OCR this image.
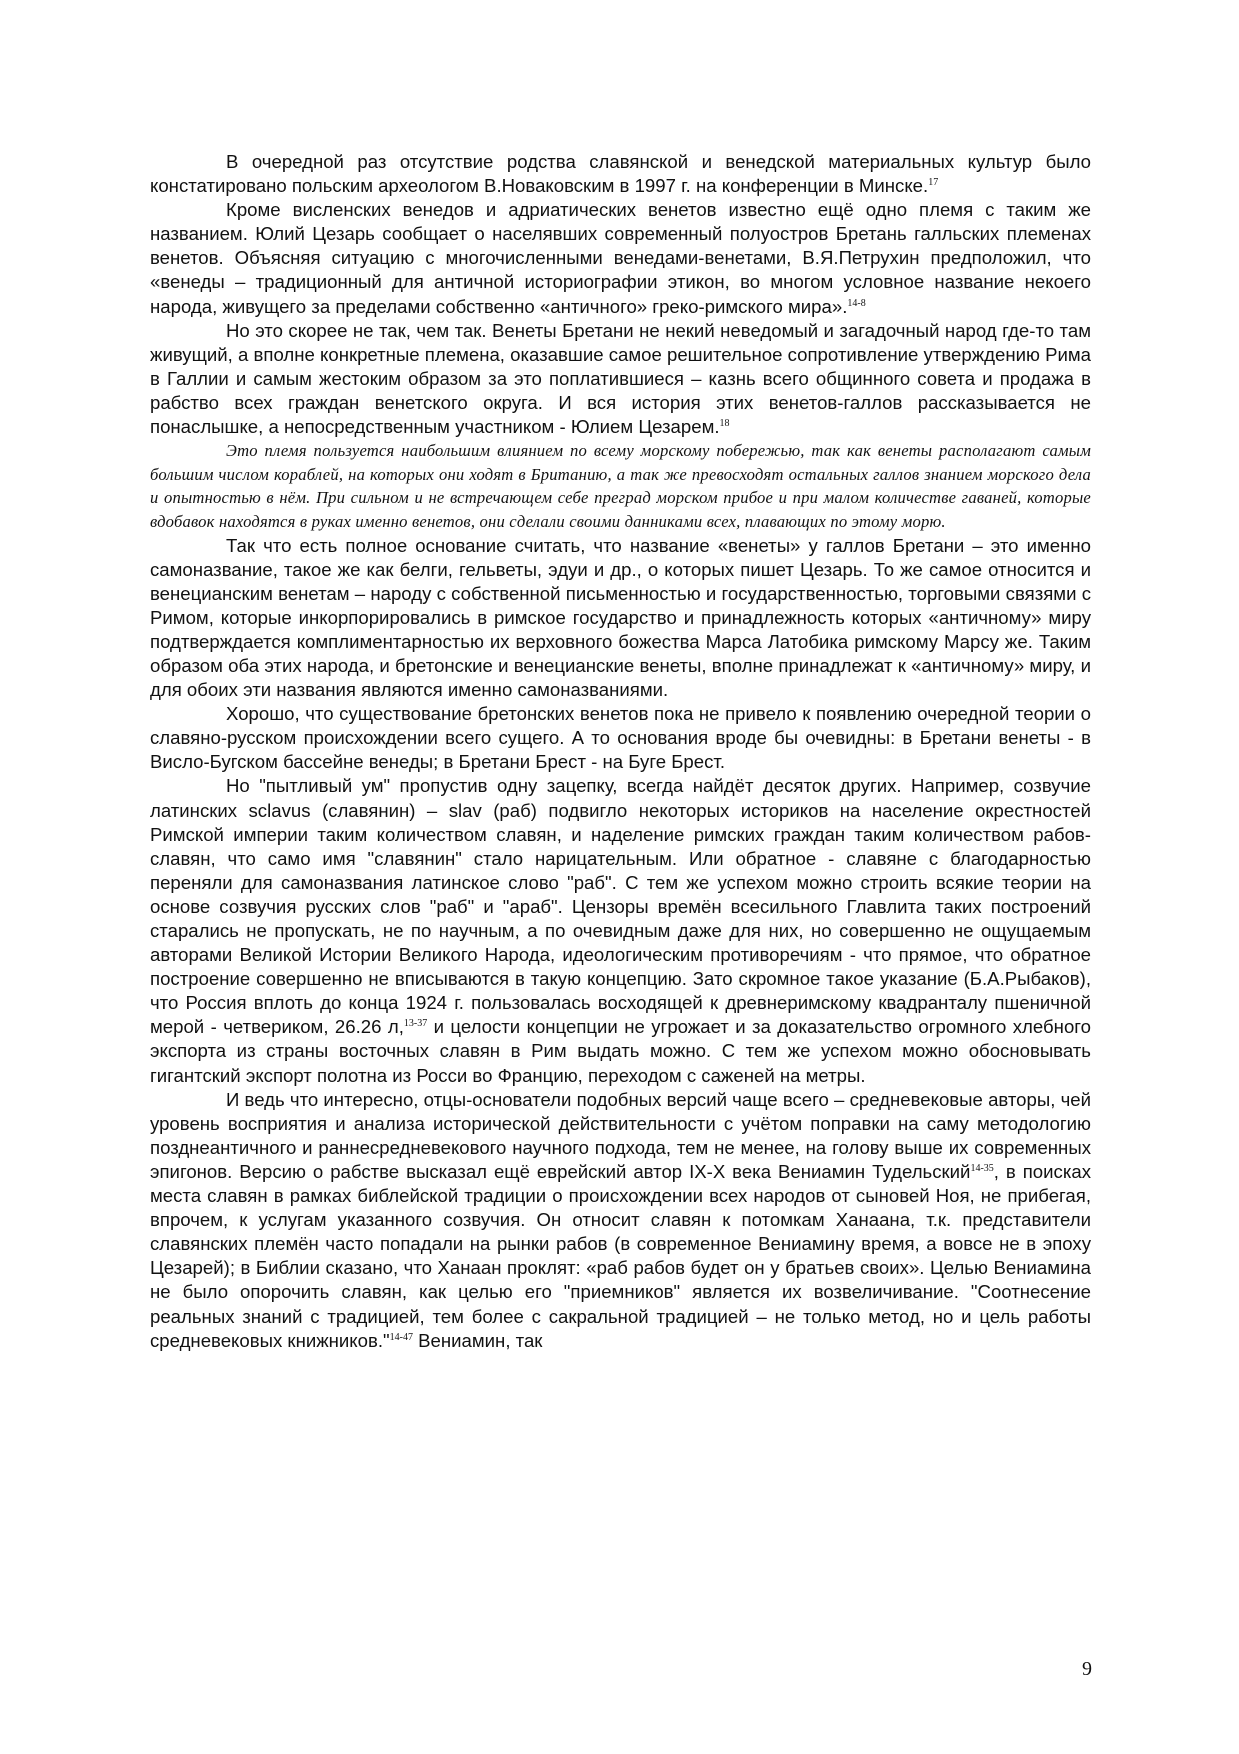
В очередной раз отсутствие родства славянской и венедской материальных культур было констатировано польским археологом В.Новаковским в 1997 г. на конференции в Минске.$^{17}$

Кроме висленских венедов и адриатических венетов известно ещё одно племя с таким же названием. Юлий Цезарь сообщает о населявших современный полуостров Бретань галльских племенах венетов. Объясняя ситуацию с многочисленными венедами-венетами, В.Я.Петрухин предположил, что «венеды – традиционный для античной историографии этикон, во многом условное название некоего народа, живущего за пределами собственно «античного» греко-римского мира».$^{14-8}$

Но это скорее не так, чем так. Венеты Бретани не некий неведомый и загадочный народ где-то там живущий, а вполне конкретные племена, оказавшие самое решительное сопротивление утверждению Рима в Галлии и самым жестоким образом за это поплатившиеся – казнь всего общинного совета и продажа в рабство всех граждан венетского округа. И вся история этих венетов-галлов рассказывается не понаслышке, а непосредственным участником - Юлием Цезарем.$^{18}$

Это племя пользуется наибольшим влиянием по всему морскому побережью, так как венеты располагают самым большим числом кораблей, на которых они ходят в Британию, а так же превосходят остальных галлов знанием морского дела и опытностью в нём. При сильном и не встречающем себе преград морском прибое и при малом количестве гаваней, которые вдобавок находятся в руках именно венетов, они сделали своими данниками всех, плавающих по этому морю.

Так что есть полное основание считать, что название «венеты» у галлов Бретани – это именно самоназвание, такое же как белги, гельветы, эдуи и др., о которых пишет Цезарь. То же самое относится и венецианским венетам – народу с собственной письменностью и государственностью, торговыми связями с Римом, которые инкорпорировались в римское государство и принадлежность которых «античному» миру подтверждается комплиментарностью их верховного божества Марса Латобика римскому Марсу же. Таким образом оба этих народа, и бретонские и венецианские венеты, вполне принадлежат к «античному» миру, и для обоих эти названия являются именно самоназваниями.

Хорошо, что существование бретонских венетов пока не привело к появлению очередной теории о славяно-русском происхождении всего сущего. А то основания вроде бы очевидны: в Бретани венеты - в Висло-Бугском бассейне венеды; в Бретани Брест - на Буге Брест.

Но "пытливый ум" пропустив одну зацепку, всегда найдёт десяток других. Например, созвучие латинских sclavus (славянин) – slav (раб) подвигло некоторых историков на население окрестностей Римской империи таким количеством славян, и наделение римских граждан таким количеством рабов-славян, что само имя "славянин" стало нарицательным. Или обратное - славяне с благодарностью переняли для самоназвания латинское слово "раб". С тем же успехом можно строить всякие теории на основе созвучия русских слов "раб" и "араб". Цензоры времён всесильного Главлита таких построений старались не пропускать, не по научным, а по очевидным даже для них, но совершенно не ощущаемым авторами Великой Истории Великого Народа, идеологическим противоречиям - что прямое, что обратное построение совершенно не вписываются в такую концепцию. Зато скромное такое указание (Б.А.Рыбаков), что Россия вплоть до конца 1924 г. пользовалась восходящей к древнеримскому квадранталу пшеничной мерой - четвериком, 26.26 л,$^{13-37}$ и целости концепции не угрожает и за доказательство огромного хлебного экспорта из страны восточных славян в Рим выдать можно. С тем же успехом можно обосновывать гигантский экспорт полотна из Росси во Францию, переходом с саженей на метры.

И ведь что интересно, отцы-основатели подобных версий чаще всего – средневековые авторы, чей уровень восприятия и анализа исторической действительности с учётом поправки на саму методологию позднеантичного и раннесредневекового научного подхода, тем не менее, на голову выше их современных эпигонов. Версию о рабстве высказал ещё еврейский автор IX-X века Вениамин Тудельский$^{14-35}$, в поисках места славян в рамках библейской традиции о происхождении всех народов от сыновей Ноя, не прибегая, впрочем, к услугам указанного созвучия. Он относит славян к потомкам Ханаана, т.к. представители славянских племён часто попадали на рынки рабов (в современное Вениамину время, а вовсе не в эпоху Цезарей); в Библии сказано, что Ханаан проклят: «раб рабов будет он у братьев своих». Целью Вениамина не было опорочить славян, как целью его "приемников" является их возвеличивание. "Соотнесение реальных знаний с традицией, тем более с сакральной традицией – не только метод, но и цель работы средневековых книжников."$^{14-47}$ Вениамин, так

9
